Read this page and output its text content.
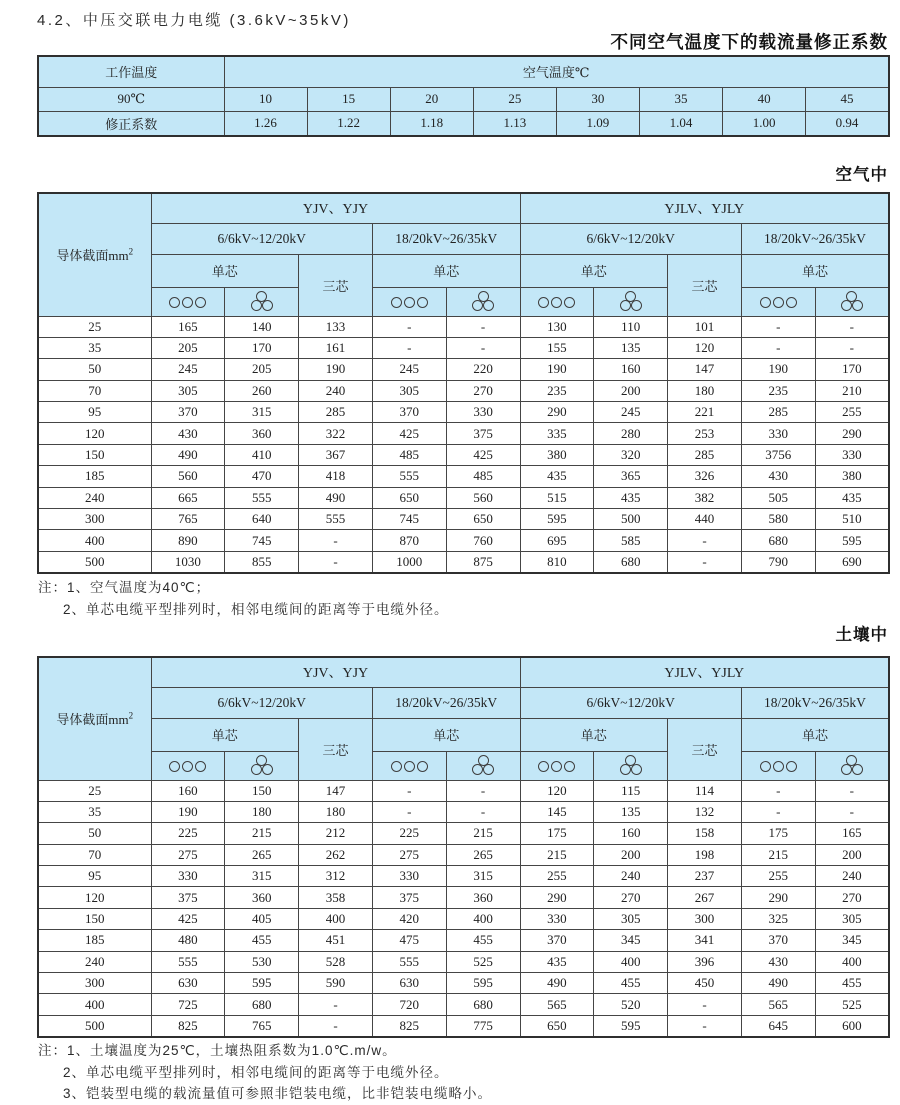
4.2、中压交联电力电缆 (3.6kV~35kV)
不同空气温度下的载流量修正系数
工作温度	空气温度℃							
90℃	10	15	20	25	30	35	40	45
修正系数	1.26	1.22	1.18	1.13	1.09	1.04	1.00	0.94
空气中
导体截面$mm^2$	YJV、YJY					YJLV、YJLY				
	6/6kV~12/20kV			18/20kV~26/35kV		6/6kV~12/20kV			18/20kV~26/35kV	
	单芯		三芯	单芯		单芯		三芯	单芯	

25	165	140	133	-	-	130	110	101	-	-
35	205	170	161	-	-	155	135	120	-	-
50	245	205	190	245	220	190	160	147	190	170
70	305	260	240	305	270	235	200	180	235	210
95	370	315	285	370	330	290	245	221	285	255
120	430	360	322	425	375	335	280	253	330	290
150	490	410	367	485	425	380	320	285	3756	330
185	560	470	418	555	485	435	365	326	430	380
240	665	555	490	650	560	515	435	382	505	435
300	765	640	555	745	650	595	500	440	580	510
400	890	745	-	870	760	695	585	-	680	595
500	1030	855	-	1000	875	810	680	-	790	690
注：1、空气温度为40℃；
2、单芯电缆平型排列时，相邻电缆间的距离等于电缆外径。
土壤中
导体截面$mm^2$	YJV、YJY					YJLV、YJLY				
	6/6kV~12/20kV			18/20kV~26/35kV		6/6kV~12/20kV			18/20kV~26/35kV	
	单芯		三芯	单芯		单芯		三芯	单芯	

25	160	150	147	-	-	120	115	114	-	-
35	190	180	180	-	-	145	135	132	-	-
50	225	215	212	225	215	175	160	158	175	165
70	275	265	262	275	265	215	200	198	215	200
95	330	315	312	330	315	255	240	237	255	240
120	375	360	358	375	360	290	270	267	290	270
150	425	405	400	420	400	330	305	300	325	305
185	480	455	451	475	455	370	345	341	370	345
240	555	530	528	555	525	435	400	396	430	400
300	630	595	590	630	595	490	455	450	490	455
400	725	680	-	720	680	565	520	-	565	525
500	825	765	-	825	775	650	595	-	645	600
注：1、土壤温度为25℃，土壤热阻系数为1.0℃.m/w。
2、单芯电缆平型排列时，相邻电缆间的距离等于电缆外径。
3、铠装型电缆的载流量值可参照非铠装电缆，比非铠装电缆略小。
